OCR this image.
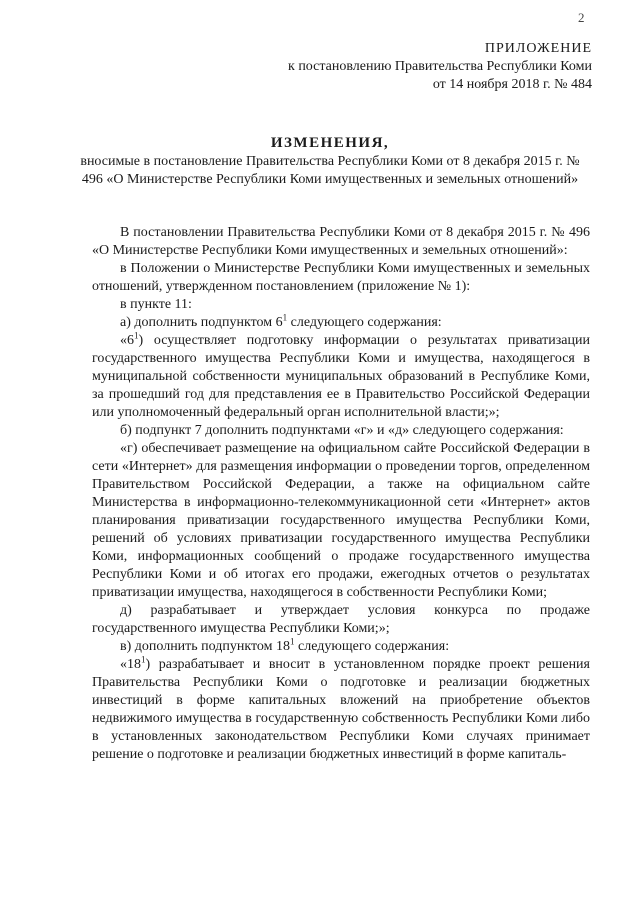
2
ПРИЛОЖЕНИЕ
к постановлению Правительства Республики Коми
от 14 ноября 2018 г. № 484
ИЗМЕНЕНИЯ,
вносимые в постановление Правительства Республики Коми от 8 декабря 2015 г. № 496 «О Министерстве Республики Коми имущественных и земельных отношений»

В постановлении Правительства Республики Коми от 8 декабря 2015 г. № 496 «О Министерстве Республики Коми имущественных и земельных отношений»:

в Положении о Министерстве Республики Коми имущественных и земельных отношений, утвержденном постановлением (приложение № 1):

в пункте 11:

а) дополнить подпунктом $6^1$ следующего содержания:

«$6^1$) осуществляет подготовку информации о результатах приватизации государственного имущества Республики Коми и имущества, находящегося в муниципальной собственности муниципальных образований в Республике Коми, за прошедший год для представления ее в Правительство Российской Федерации или уполномоченный федеральный орган исполнительной власти;»;

б) подпункт 7 дополнить подпунктами «г» и «д» следующего содержания:

«г) обеспечивает размещение на официальном сайте Российской Федерации в сети «Интернет» для размещения информации о проведении торгов, определенном Правительством Российской Федерации, а также на официальном сайте Министерства в информационно-телекоммуникационной сети «Интернет» актов планирования приватизации государственного имущества Республики Коми, решений об условиях приватизации государственного имущества Республики Коми, информационных сообщений о продаже государственного имущества Республики Коми и об итогах его продажи, ежегодных отчетов о результатах приватизации имущества, находящегося в собственности Республики Коми;

д) разрабатывает и утверждает условия конкурса по продаже государственного имущества Республики Коми;»;

в) дополнить подпунктом $18^1$ следующего содержания:

«$18^1$) разрабатывает и вносит в установленном порядке проект решения Правительства Республики Коми о подготовке и реализации бюджетных инвестиций в форме капитальных вложений на приобретение объектов недвижимого имущества в государственную собственность Республики Коми либо в установленных законодательством Республики Коми случаях принимает решение о подготовке и реализации бюджетных инвестиций в форме капиталь-
